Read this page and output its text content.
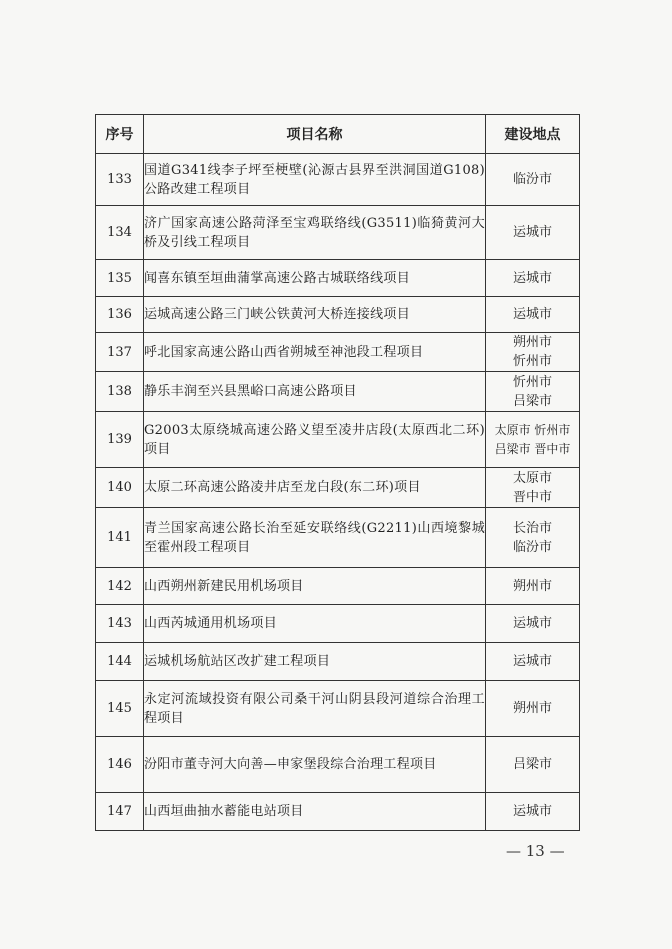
序号	项目名称	建设地点
133	国道G341线李子坪至梗壁(沁源古县界至洪洞国道G108)公路改建工程项目	临汾市

134	济广国家高速公路菏泽至宝鸡联络线(G3511)临猗黄河大桥及引线工程项目	运城市

135	闻喜东镇至垣曲蒲掌高速公路古城联络线项目	运城市

136	运城高速公路三门峡公铁黄河大桥连接线项目	运城市

137	呼北国家高速公路山西省朔城至神池段工程项目	朔州市
忻州市

138	静乐丰润至兴县黑峪口高速公路项目	忻州市
吕梁市

139	G2003太原绕城高速公路义望至凌井店段(太原西北二环)项目	太原市 忻州市
吕梁市 晋中市

140	太原二环高速公路凌井店至龙白段(东二环)项目	太原市
晋中市

141	青兰国家高速公路长治至延安联络线(G2211)山西境黎城至霍州段工程项目	长治市
临汾市

142	山西朔州新建民用机场项目	朔州市

143	山西芮城通用机场项目	运城市

144	运城机场航站区改扩建工程项目	运城市

145	永定河流域投资有限公司桑干河山阴县段河道综合治理工程项目	朔州市

146	汾阳市董寺河大向善—申家堡段综合治理工程项目	吕梁市

147	山西垣曲抽水蓄能电站项目	运城市
— 13 —
